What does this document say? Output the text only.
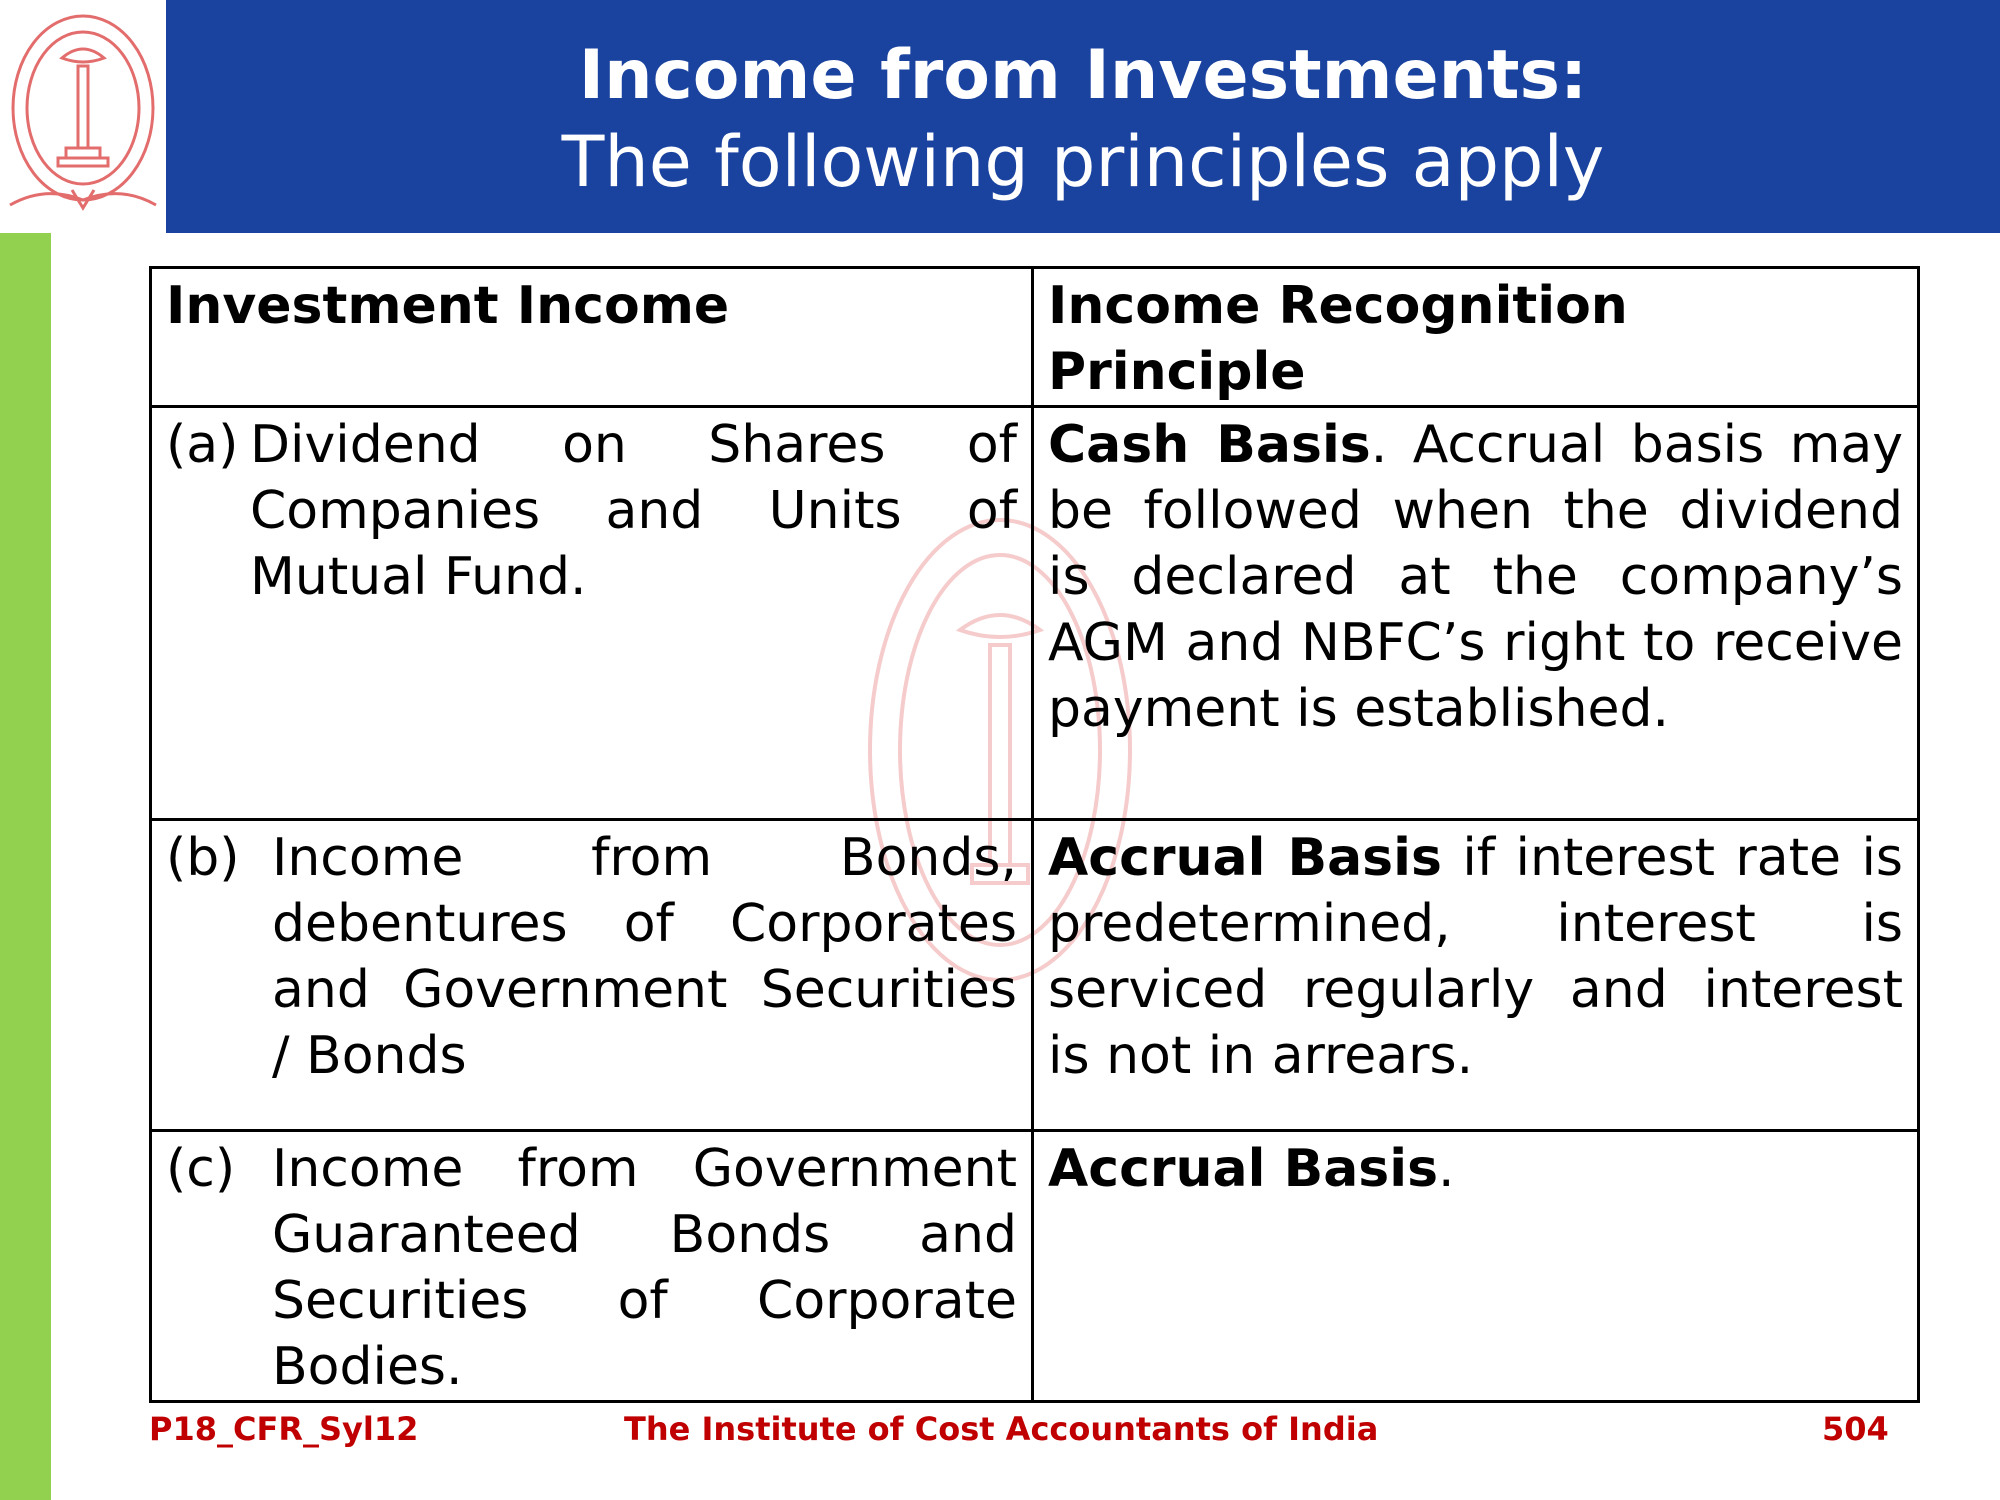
Income from Investments:
The following principles apply
Investment Income	Income Recognition Principle

(a) Dividend on Shares of Companies and Units of Mutual Fund.	Cash Basis. Accrual basis may be followed when the dividend is declared at the company’s AGM and NBFC’s right to receive payment is established.

(b) Income from Bonds, debentures of Corporates and Government Securities / Bonds	Accrual Basis if interest rate is predetermined, interest is serviced regularly and interest is not in arrears.

(c) Income from Government Guaranteed Bonds and Securities of Corporate Bodies.	Accrual Basis.
P18_CFR_Syl12	The Institute of Cost Accountants of India	504
